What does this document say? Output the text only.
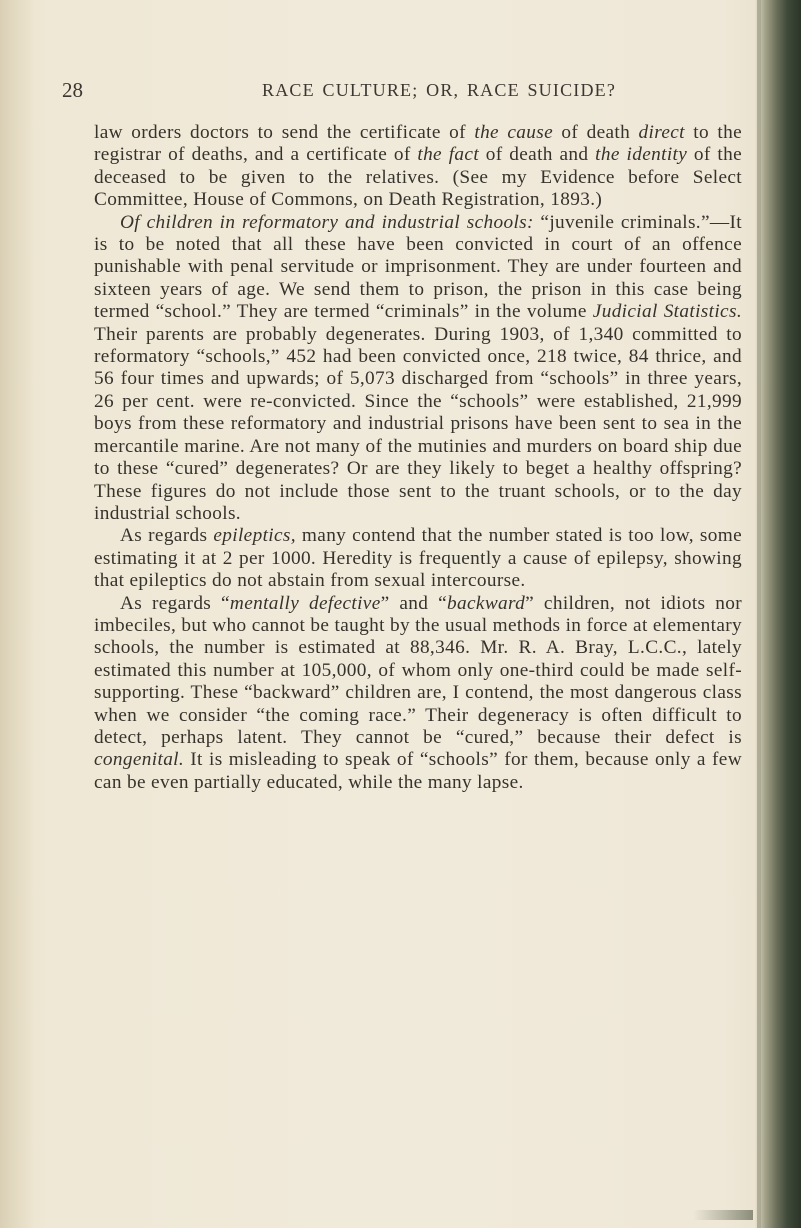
28	RACE CULTURE; OR, RACE SUICIDE?

law orders doctors to send the certificate of the cause of death direct to the registrar of deaths, and a certificate of the fact of death and the identity of the deceased to be given to the relatives. (See my Evidence before Select Committee, House of Commons, on Death Registration, 1893.)

Of children in reformatory and industrial schools: “juvenile criminals.”—It is to be noted that all these have been convicted in court of an offence punishable with penal servitude or imprisonment. They are under fourteen and sixteen years of age. We send them to prison, the prison in this case being termed “school.” They are termed “criminals” in the volume Judicial Statistics. Their parents are probably degenerates. During 1903, of 1,340 committed to reformatory “schools,” 452 had been convicted once, 218 twice, 84 thrice, and 56 four times and upwards; of 5,073 discharged from “schools” in three years, 26 per cent. were re-convicted. Since the “schools” were established, 21,999 boys from these reformatory and industrial prisons have been sent to sea in the mercantile marine. Are not many of the mutinies and murders on board ship due to these “cured” degenerates? Or are they likely to beget a healthy offspring? These figures do not include those sent to the truant schools, or to the day industrial schools.

As regards epileptics, many contend that the number stated is too low, some estimating it at 2 per 1000. Heredity is frequently a cause of epilepsy, showing that epileptics do not abstain from sexual intercourse.

As regards “mentally defective” and “backward” children, not idiots nor imbeciles, but who cannot be taught by the usual methods in force at elementary schools, the number is estimated at 88,346. Mr. R. A. Bray, L.C.C., lately estimated this number at 105,000, of whom only one-third could be made self-supporting. These “backward” children are, I contend, the most dangerous class when we consider “the coming race.” Their degeneracy is often difficult to detect, perhaps latent. They cannot be “cured,” because their defect is congenital. It is misleading to speak of “schools” for them, because only a few can be even partially educated, while the many lapse.
